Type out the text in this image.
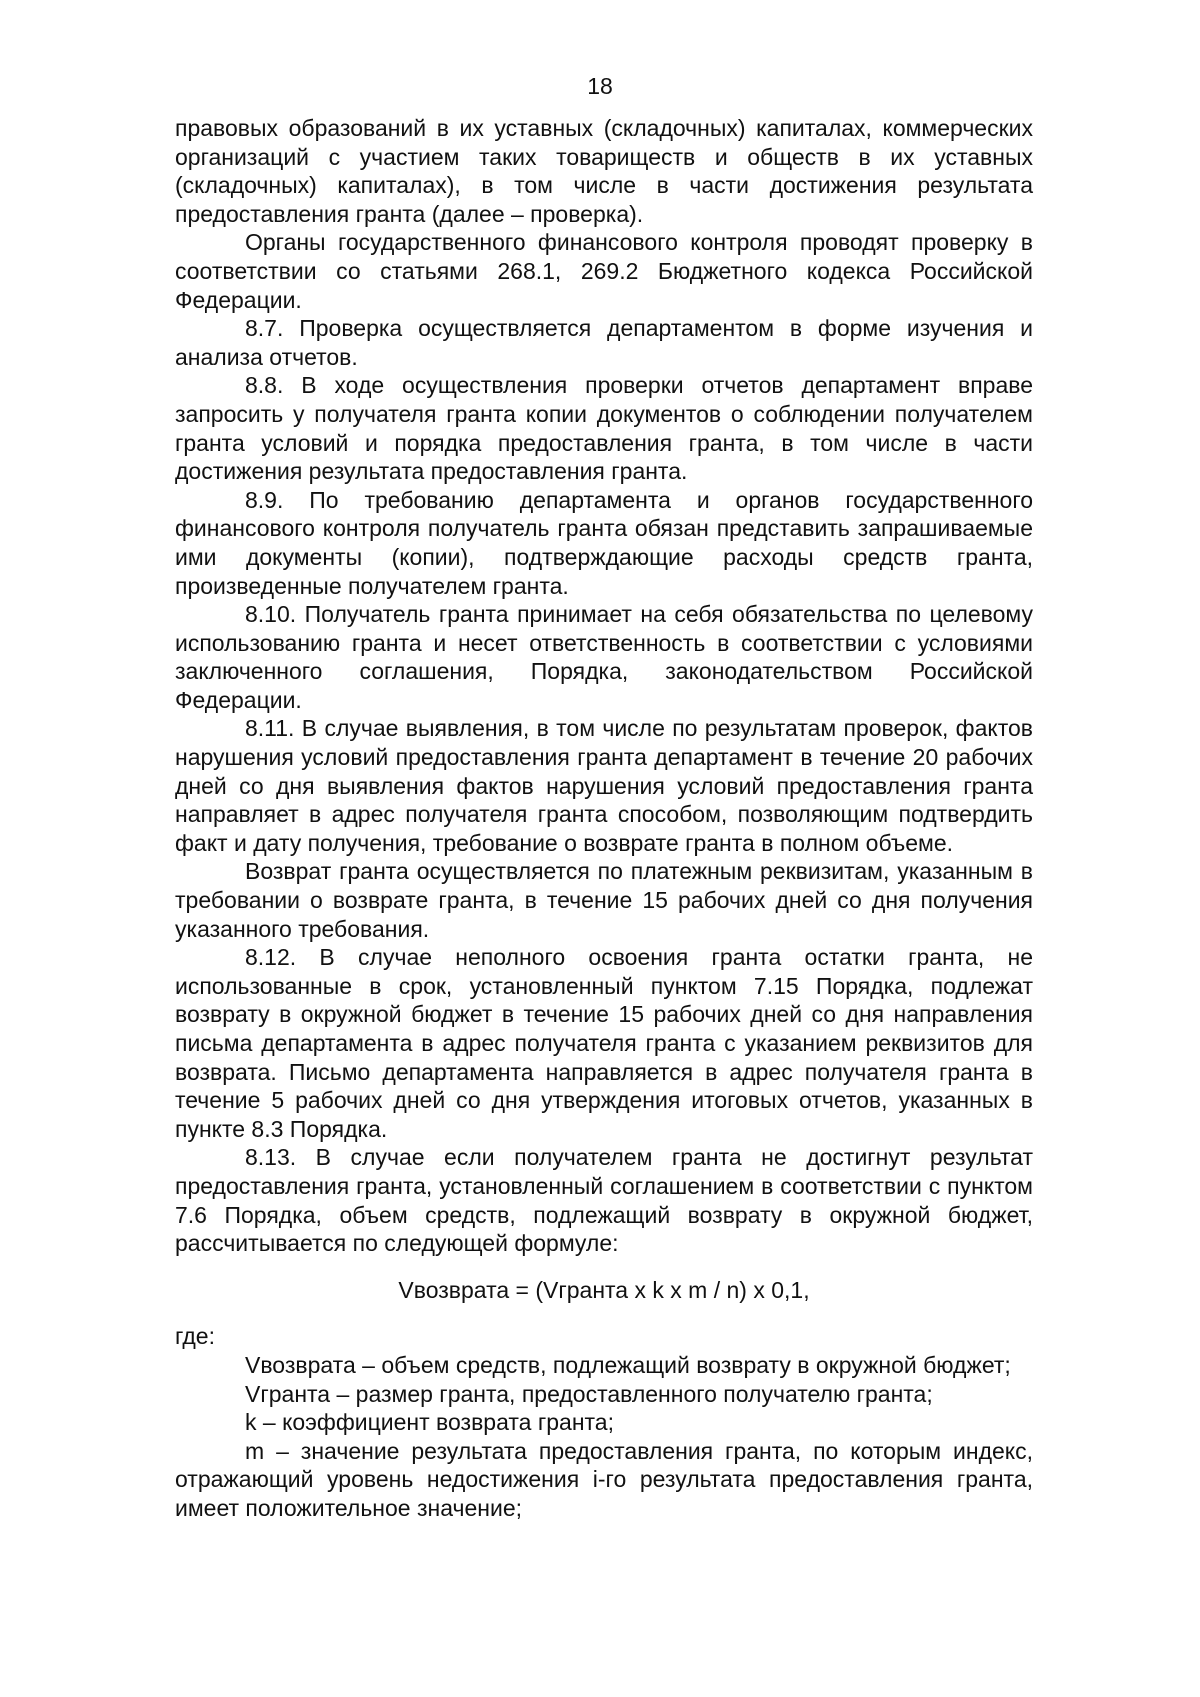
18

правовых образований в их уставных (складочных) капиталах, коммерческих организаций с участием таких товариществ и обществ в их уставных (складочных) капиталах), в том числе в части достижения результата предоставления гранта (далее – проверка).

Органы государственного финансового контроля проводят проверку в соответствии со статьями 268.1, 269.2 Бюджетного кодекса Российской Федерации.

8.7. Проверка осуществляется департаментом в форме изучения и анализа отчетов.

8.8. В ходе осуществления проверки отчетов департамент вправе запросить у получателя гранта копии документов о соблюдении получателем гранта условий и порядка предоставления гранта, в том числе в части достижения результата предоставления гранта.

8.9. По требованию департамента и органов государственного финансового контроля получатель гранта обязан представить запрашиваемые ими документы (копии), подтверждающие расходы средств гранта, произведенные получателем гранта.

8.10. Получатель гранта принимает на себя обязательства по целевому использованию гранта и несет ответственность в соответствии с условиями заключенного соглашения, Порядка, законодательством Российской Федерации.

8.11. В случае выявления, в том числе по результатам проверок, фактов нарушения условий предоставления гранта департамент в течение 20 рабочих дней со дня выявления фактов нарушения условий предоставления гранта направляет в адрес получателя гранта способом, позволяющим подтвердить факт и дату получения, требование о возврате гранта в полном объеме.

Возврат гранта осуществляется по платежным реквизитам, указанным в требовании о возврате гранта, в течение 15 рабочих дней со дня получения указанного требования.

8.12. В случае неполного освоения гранта остатки гранта, не использованные в срок, установленный пунктом 7.15 Порядка, подлежат возврату в окружной бюджет в течение 15 рабочих дней со дня направления письма департамента в адрес получателя гранта с указанием реквизитов для возврата. Письмо департамента направляется в адрес получателя гранта в течение 5 рабочих дней со дня утверждения итоговых отчетов, указанных в пункте 8.3 Порядка.

8.13. В случае если получателем гранта не достигнут результат предоставления гранта, установленный соглашением в соответствии с пунктом 7.6 Порядка, объем средств, подлежащий возврату в окружной бюджет, рассчитывается по следующей формуле:

Vвозврата = (Vгранта x k x m / n) x 0,1,

где:

Vвозврата – объем средств, подлежащий возврату в окружной бюджет;

Vгранта – размер гранта, предоставленного получателю гранта;

k – коэффициент возврата гранта;

m – значение результата предоставления гранта, по которым индекс, отражающий уровень недостижения i-го результата предоставления гранта, имеет положительное значение;
